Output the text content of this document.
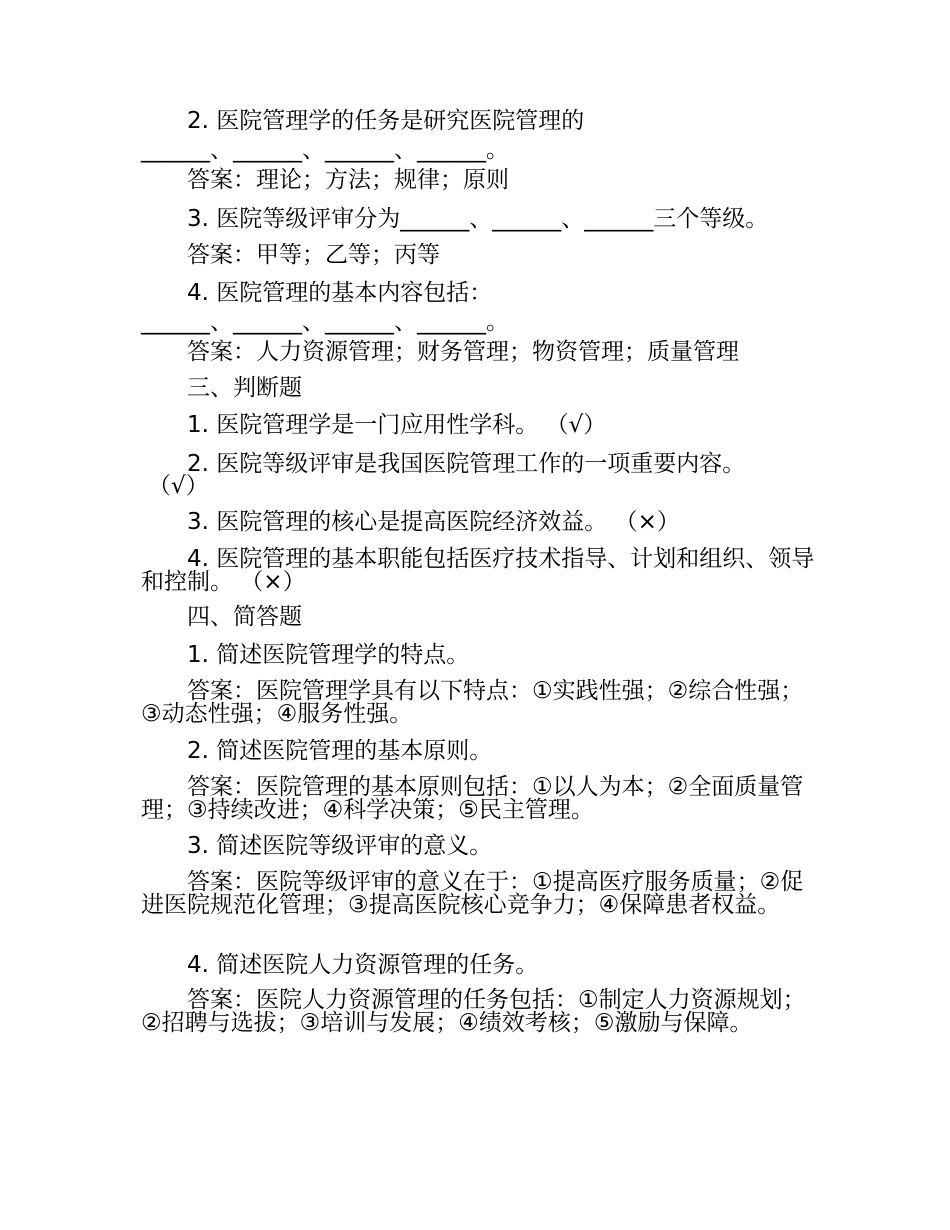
2. 医院管理学的任务是研究医院管理的
______、______、______、______。
答案：理论；方法；规律；原则
3. 医院等级评审分为______、______、______三个等级。
答案：甲等；乙等；丙等
4. 医院管理的基本内容包括：
______、______、______、______。
答案：人力资源管理；财务管理；物资管理；质量管理
三、判断题
1. 医院管理学是一门应用性学科。 （√）
2. 医院等级评审是我国医院管理工作的一项重要内容。
（√）
3. 医院管理的核心是提高医院经济效益。 （×）
4. 医院管理的基本职能包括医疗技术指导、计划和组织、领导和控制。 （×）
四、简答题
1. 简述医院管理学的特点。
答案：医院管理学具有以下特点：①实践性强；②综合性强；③动态性强；④服务性强。
2. 简述医院管理的基本原则。
答案：医院管理的基本原则包括：①以人为本；②全面质量管理；③持续改进；④科学决策；⑤民主管理。
3. 简述医院等级评审的意义。
答案：医院等级评审的意义在于：①提高医疗服务质量；②促进医院规范化管理；③提高医院核心竞争力；④保障患者权益。
4. 简述医院人力资源管理的任务。
答案：医院人力资源管理的任务包括：①制定人力资源规划；②招聘与选拔；③培训与发展；④绩效考核；⑤激励与保障。
